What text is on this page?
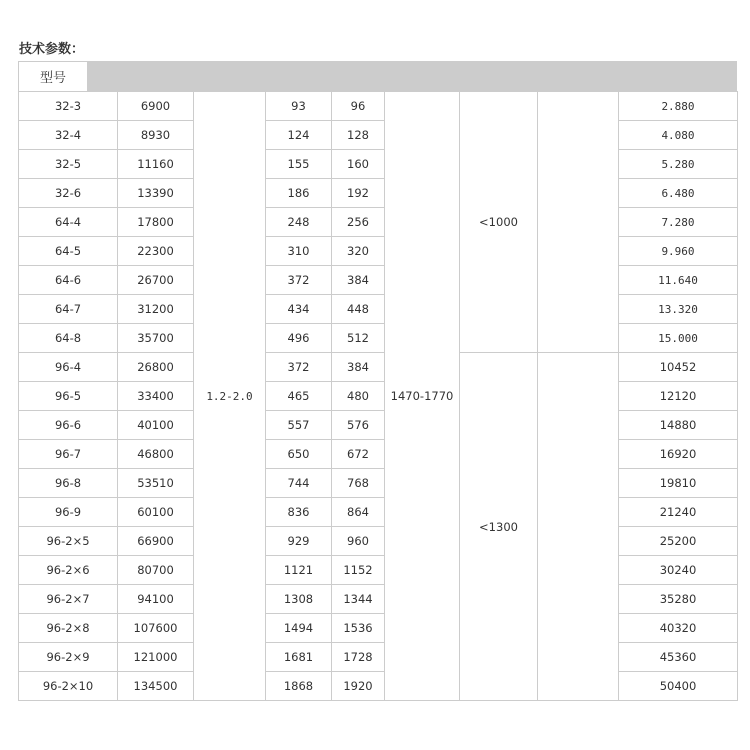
技术参数：
型号
32-3	6900	1.2-2.0	93	96	1470-1770	<1000		2.880
32-4	8930		124	128				4.080
32-5	11160		155	160				5.280
32-6	13390		186	192				6.480
64-4	17800		248	256				7.280
64-5	22300		310	320				9.960
64-6	26700		372	384				11.640
64-7	31200		434	448				13.320
64-8	35700		496	512				15.000
96-4	26800		372	384		<1300		10452
96-5	33400		465	480				12120
96-6	40100		557	576				14880
96-7	46800		650	672				16920
96-8	53510		744	768				19810
96-9	60100		836	864				21240
96-2×5	66900		929	960				25200
96-2×6	80700		1121	1152				30240
96-2×7	94100		1308	1344				35280
96-2×8	107600		1494	1536				40320
96-2×9	121000		1681	1728				45360
96-2×10	134500		1868	1920				50400
